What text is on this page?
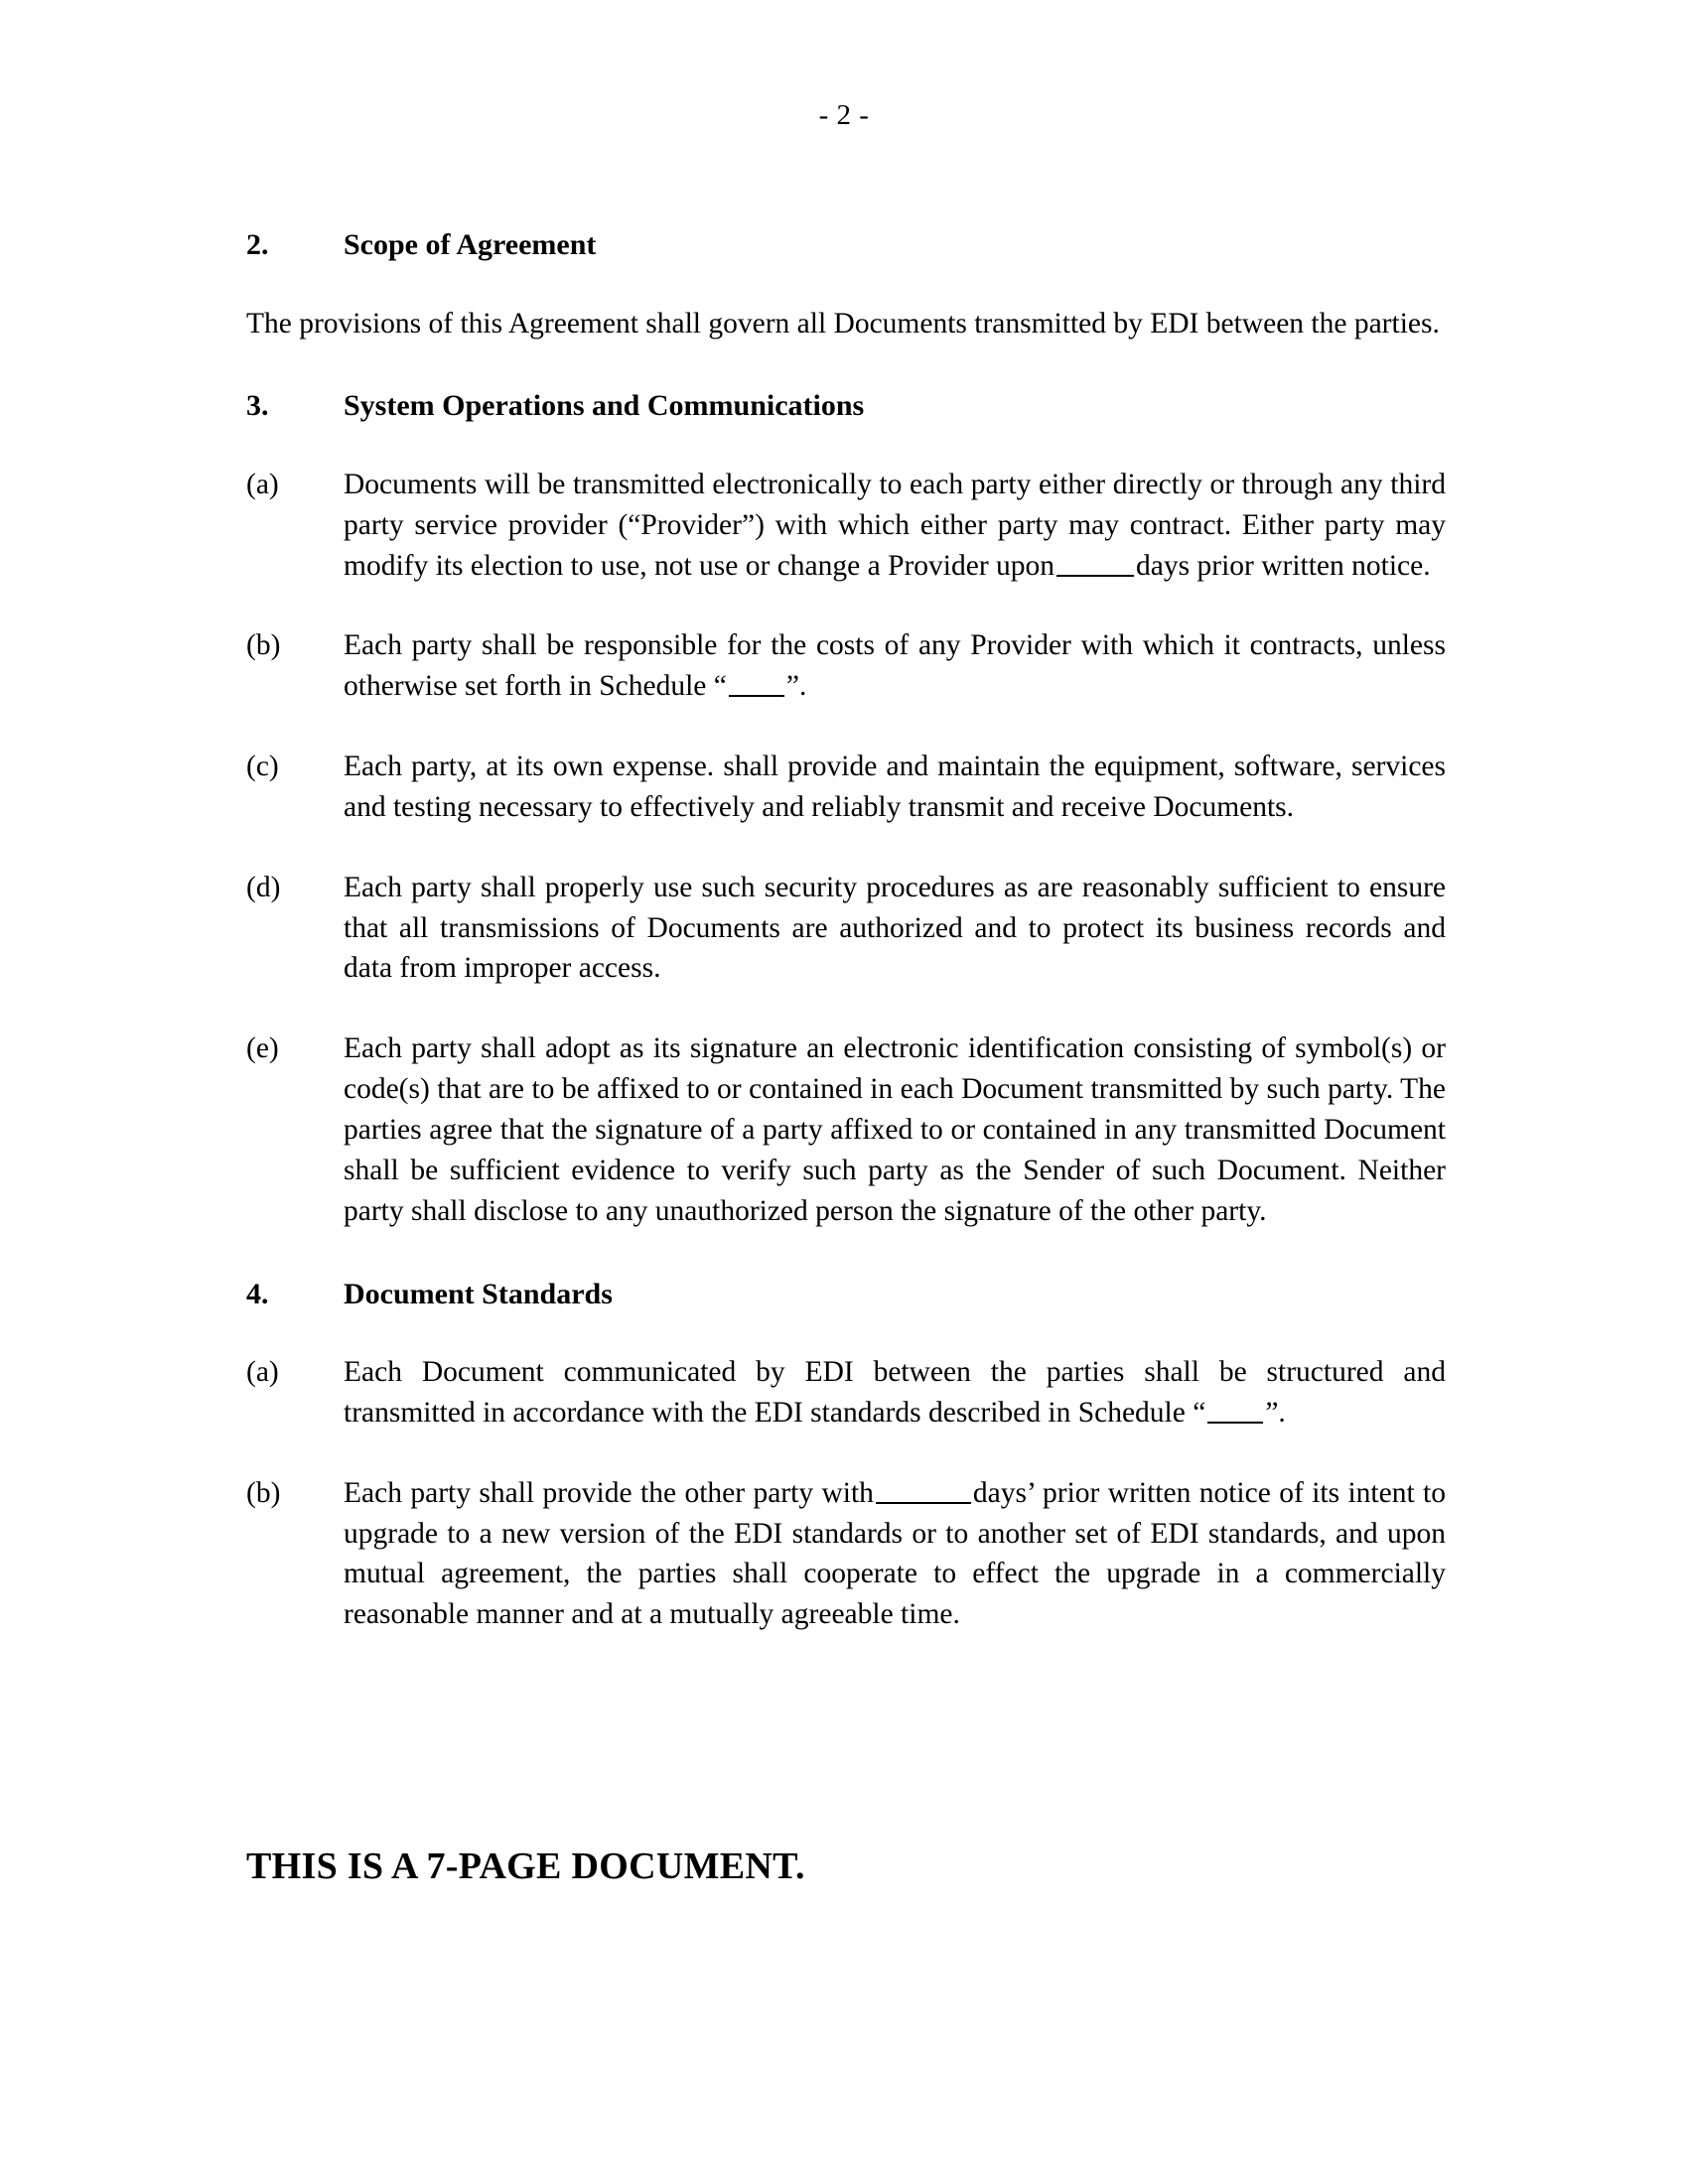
- 2 -
2.	Scope of Agreement
The provisions of this Agreement shall govern all Documents transmitted by EDI between the parties.
3.	System Operations and Communications
(a)	Documents will be transmitted electronically to each party either directly or through any third party service provider (“Provider”) with which either party may contract. Either party may modify its election to use, not use or change a Provider upon	days prior written notice.
(b)	Each party shall be responsible for the costs of any Provider with which it contracts, unless otherwise set forth in Schedule “ ”.
(c)	Each party, at its own expense. shall provide and maintain the equipment, software, services and testing necessary to effectively and reliably transmit and receive Documents.
(d)	Each party shall properly use such security procedures as are reasonably sufficient to ensure that all transmissions of Documents are authorized and to protect its business records and data from improper access.
(e)	Each party shall adopt as its signature an electronic identification consisting of symbol(s) or code(s) that are to be affixed to or contained in each Document transmitted by such party. The parties agree that the signature of a party affixed to or contained in any transmitted Document shall be sufficient evidence to verify such party as the Sender of such Document. Neither party shall disclose to any unauthorized person the signature of the other party.
4.	Document Standards
(a)	Each Document communicated by EDI between the parties shall be structured and transmitted in accordance with the EDI standards described in Schedule “ ”.
(b)	Each party shall provide the other party with	days’ prior written notice of its intent to upgrade to a new version of the EDI standards or to another set of EDI standards, and upon mutual agreement, the parties shall cooperate to effect the upgrade in a commercially reasonable manner and at a mutually agreeable time.
THIS IS A 7-PAGE DOCUMENT.
